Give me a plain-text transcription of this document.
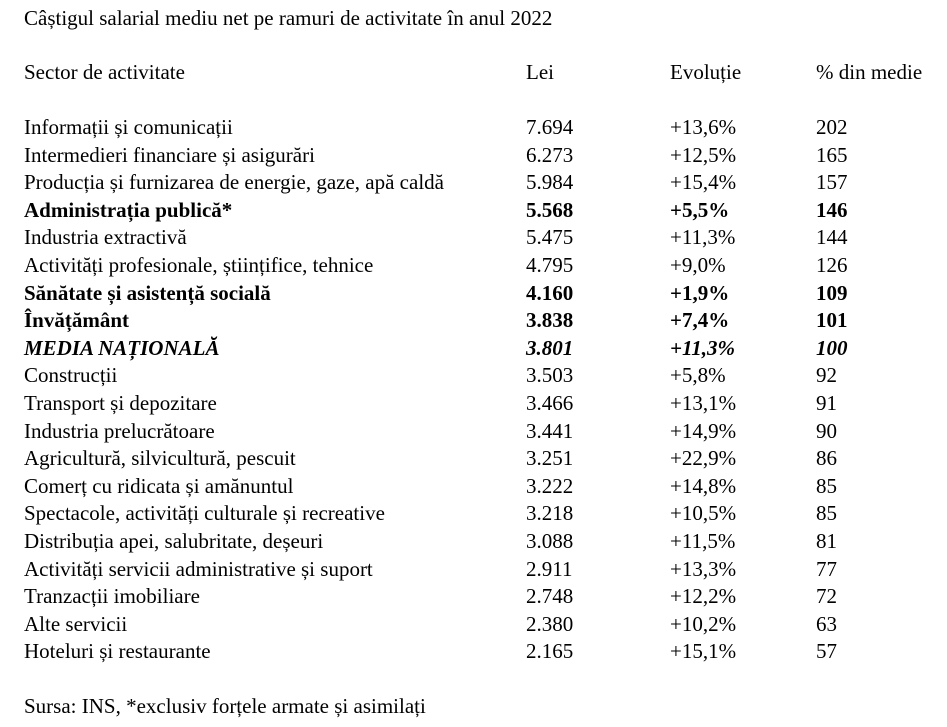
Câștigul salarial mediu net pe ramuri de activitate în anul 2022
Sector de activitate	Lei	Evoluție	% din medie
Informații și comunicații	7.694	+13,6%	202
Intermedieri financiare și asigurări	6.273	+12,5%	165
Producția și furnizarea de energie, gaze, apă caldă	5.984	+15,4%	157
Administrația publică*	5.568	+5,5%	146
Industria extractivă	5.475	+11,3%	144
Activități profesionale, științifice, tehnice	4.795	+9,0%	126
Sănătate și asistență socială	4.160	+1,9%	109
Învățământ	3.838	+7,4%	101
MEDIA NAȚIONALĂ	3.801	+11,3%	100
Construcții	3.503	+5,8%	92
Transport și depozitare	3.466	+13,1%	91
Industria prelucrătoare	3.441	+14,9%	90
Agricultură, silvicultură, pescuit	3.251	+22,9%	86
Comerț cu ridicata și amănuntul	3.222	+14,8%	85
Spectacole, activități culturale și recreative	3.218	+10,5%	85
Distribuția apei, salubritate, deșeuri	3.088	+11,5%	81
Activități servicii administrative și suport	2.911	+13,3%	77
Tranzacții imobiliare	2.748	+12,2%	72
Alte servicii	2.380	+10,2%	63
Hoteluri și restaurante	2.165	+15,1%	57
Sursa: INS, *exclusiv forțele armate și asimilați
